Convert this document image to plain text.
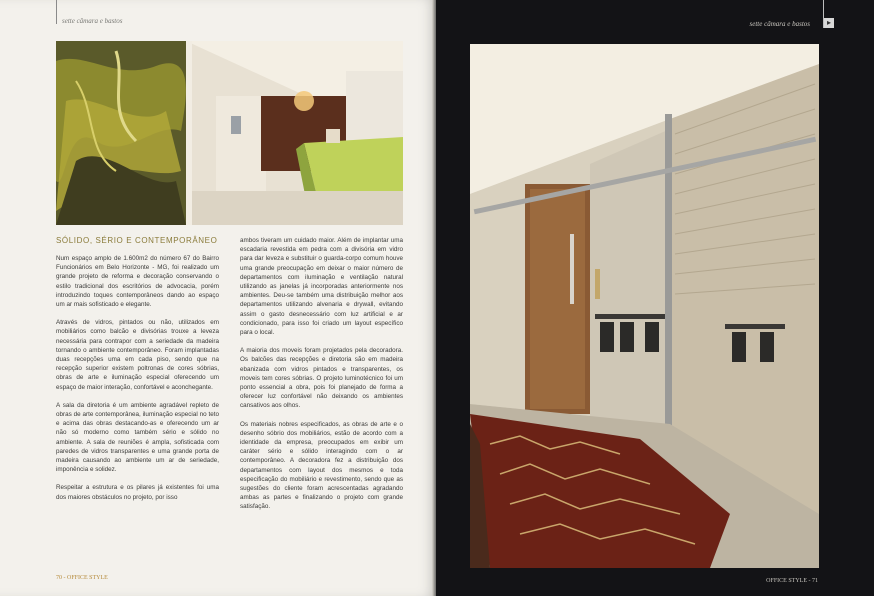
sette câmara e bastos
SÓLIDO, SÉRIO E CONTEMPORÂNEO

Num espaço amplo de 1.600m2 do número 67 do Bairro Funcionários em Belo Horizonte - MG, foi realizado um grande projeto de reforma e decoração conservando o estilo tradicional dos escritórios de advocacia, porém introduzindo toques contemporâneos dando ao espaço um ar mais sofisticado e elegante.

Através de vidros, pintados ou não, utilizados em mobiliários como balcão e divisórias trouxe a leveza necessária para contrapor com a seriedade da madeira tornando o ambiente contemporâneo. Foram implantadas duas recepções uma em cada piso, sendo que na recepção superior existem poltronas de cores sóbrias, obras de arte e iluminação especial oferecendo um espaço de maior interação, confortável e aconchegante.

A sala da diretoria é um ambiente agradável repleto de obras de arte contemporânea, iluminação especial no teto e acima das obras destacando-as e oferecendo um ar não só moderno como também sério e sólido no ambiente. A sala de reuniões é ampla, sofisticada com paredes de vidros transparentes e uma grande porta de madeira causando ao ambiente um ar de seriedade, imponência e solidez.

Respeitar a estrutura e os pilares já existentes foi uma dos maiores obstáculos no projeto, por isso

ambos tiveram um cuidado maior. Além de implantar uma escadaria revestida em pedra com a divisória em vidro para dar leveza e substituir o guarda-corpo comum houve uma grande preocupação em deixar o maior número de departamentos com iluminação e ventilação natural utilizando as janelas já incorporadas anteriormente nos ambientes. Deu-se também uma distribuição melhor aos departamentos utilizando alvenaria e drywall, evitando assim o gasto desnecessário com luz artificial e ar condicionado, para isso foi criado um layout específico para o local.

A maioria dos moveis foram projetados pela decoradora. Os balcões das recepções e diretoria são em madeira ebanizada com vidros pintados e transparentes, os moveis tem cores sóbrias. O projeto luminotécnico foi um ponto essencial a obra, pois foi planejado de forma a oferecer luz confortável não deixando os ambientes cansativos aos olhos.

Os materiais nobres especificados, as obras de arte e o desenho sóbrio dos mobiliários, estão de acordo com a identidade da empresa, preocupados em exibir um caráter sério e sólido interagindo com o ar contemporâneo. A decoradora fez a distribuição dos departamentos com layout dos mesmos e toda especificação do mobiliário e revestimento, sendo que as sugestões do cliente foram acrescentadas agradando ambas as partes e finalizando o projeto com grande satisfação.

70 - OFFICE STYLE
sette câmara e bastos	▸
OFFICE STYLE - 71
